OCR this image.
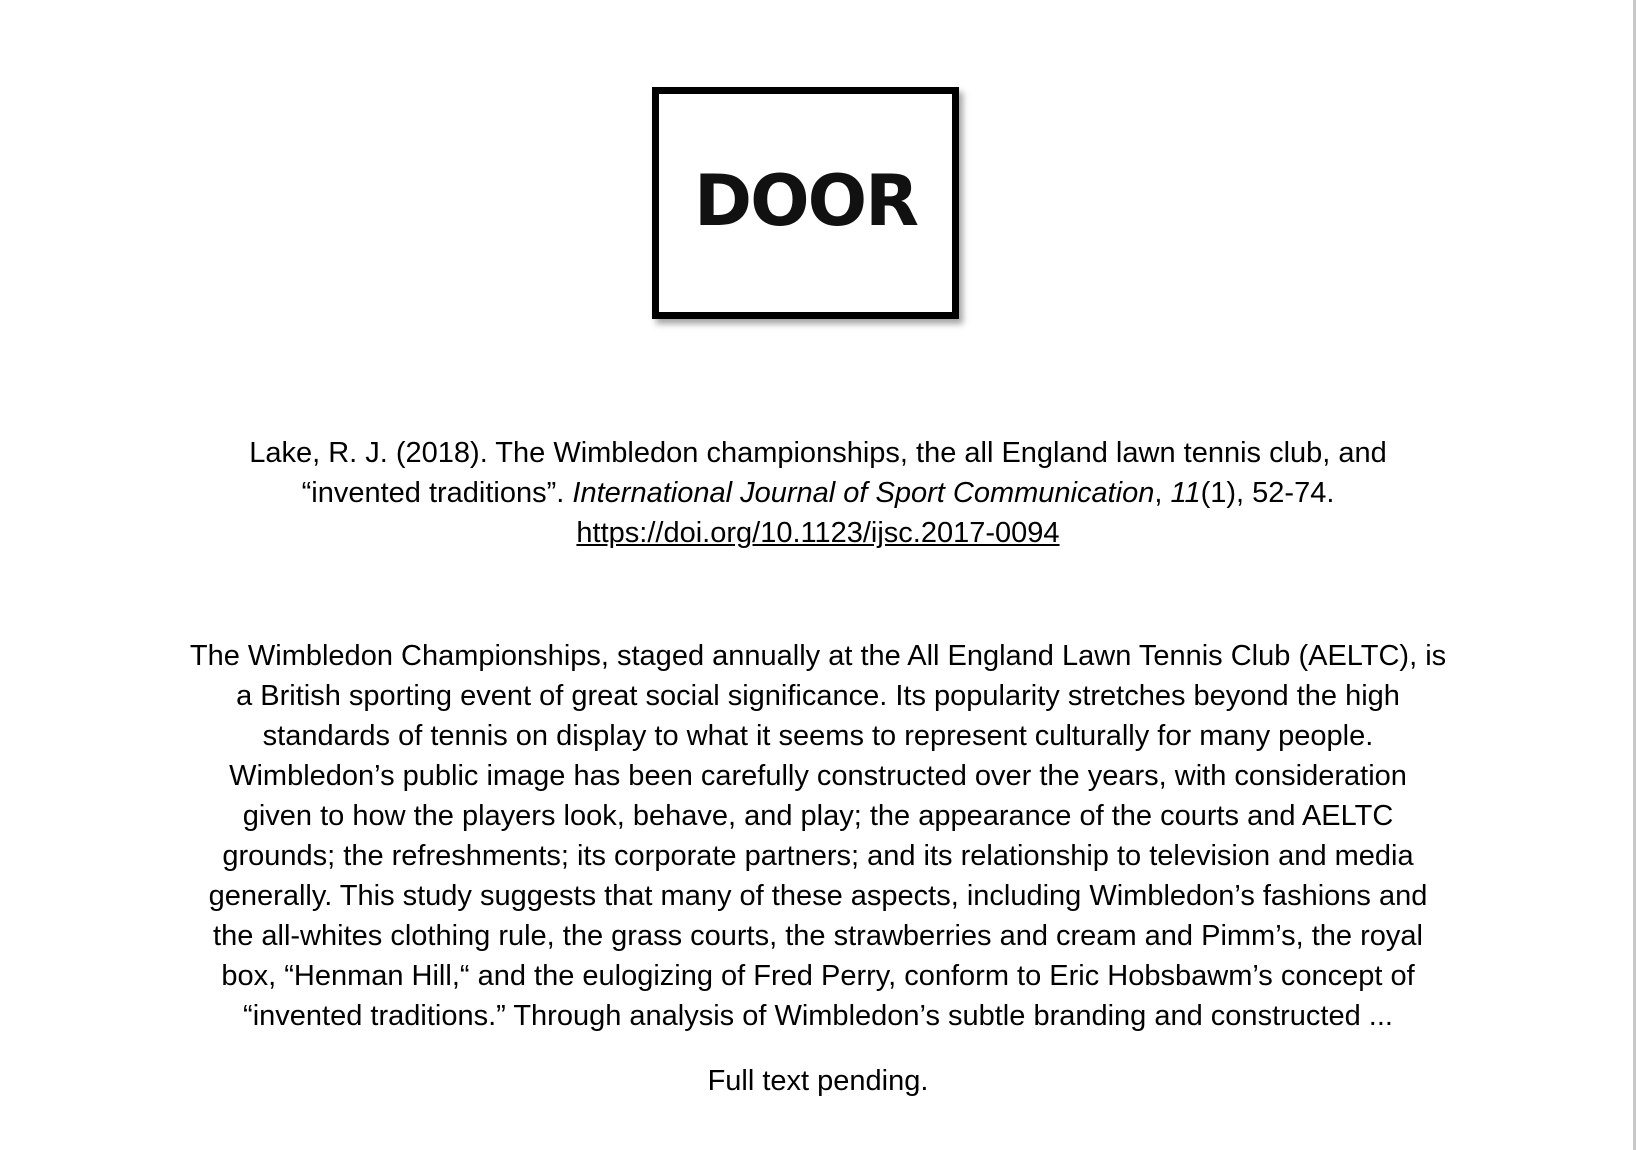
DOOR
Lake, R. J. (2018). The Wimbledon championships, the all England lawn tennis club, and
“invented traditions”. International Journal of Sport Communication, 11(1), 52-74.
https://doi.org/10.1123/ijsc.2017-0094
The Wimbledon Championships, staged annually at the All England Lawn Tennis Club (AELTC), is
a British sporting event of great social significance. Its popularity stretches beyond the high
standards of tennis on display to what it seems to represent culturally for many people.
Wimbledon’s public image has been carefully constructed over the years, with consideration
given to how the players look, behave, and play; the appearance of the courts and AELTC
grounds; the refreshments; its corporate partners; and its relationship to television and media
generally. This study suggests that many of these aspects, including Wimbledon’s fashions and
the all-whites clothing rule, the grass courts, the strawberries and cream and Pimm’s, the royal
box, “Henman Hill,“ and the eulogizing of Fred Perry, conform to Eric Hobsbawm’s concept of
“invented traditions.” Through analysis of Wimbledon’s subtle branding and constructed ...
Full text pending.
